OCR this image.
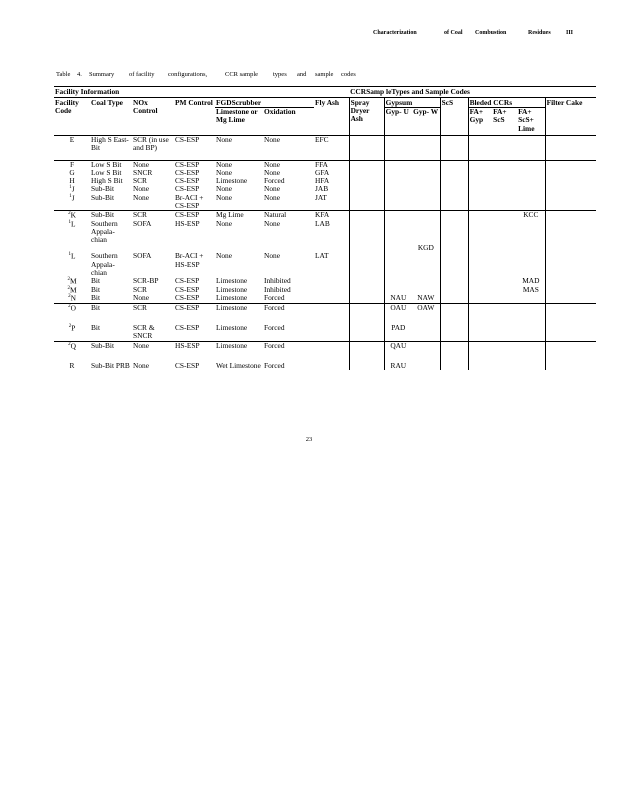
Characterization	of Coal Combustion	Residues	III
Table 4. Summary of facility configurations,	CCR sample types and sample codes
Facility Information							CCRSamp leTypes and Sample Codes							
Facility Code	Coal Type	NOх Control	PM Control	FGDScrubber		Fly Ash	Spray Dryer Ash	Gypsum		ScS	Bleded CCRs			Filter Cake
				Limestone or Mg Lime	Oxidation			Gyp- U	Gyp- W		FA+ Gyp	FA+ ScS	FA+ ScS+ Lime	
E	High S East-Bit	SCR (in use and BP)	CS-ESP	None	None	EFC								

F	Low S Bit	None	CS-ESP	None	None	FFA								
G	Low S Bit	SNCR	CS-ESP	None	None	GFA								
H	High S Bit	SCR	CS-ESP	Limestone	Forced	HFA								
$^1$J	Sub-Bit	None	CS-ESP	None	None	JAB								
$^1$J	Sub-Bit	None	Br-ACI + CS-ESP	None	None	JAT								
$^2$K	Sub-Bit	SCR	CS-ESP	Mg Lime	Natural	KFA							KCC	
$^1$L	Southern Appala- chian	SOFA	HS-ESP	None	None	LAB								
									KGD					
$^1$L	Southern Appala- chian	SOFA	Br-ACI + HS-ESP	None	None	LAT								
$^2$M	Bit	SCR-BP	CS-ESP	Limestone	Inhibited								MAD	
$^2$M	Bit	SCR	CS-ESP	Limestone	Inhibited								MAS	
$^2$N	Bit	None	CS-ESP	Limestone	Forced			NAU	NAW					
$^2$O	Bit	SCR	CS-ESP	Limestone	Forced			OAU	OAW					

$^2$P	Bit	SCR & SNCR	CS-ESP	Limestone	Forced			PAD						
$^2$Q	Sub-Bit	None	HS-ESP	Limestone	Forced			QAU						

R	Sub-Bit PRB	None	CS-ESP	Wet Limestone	Forced			RAU						
23
